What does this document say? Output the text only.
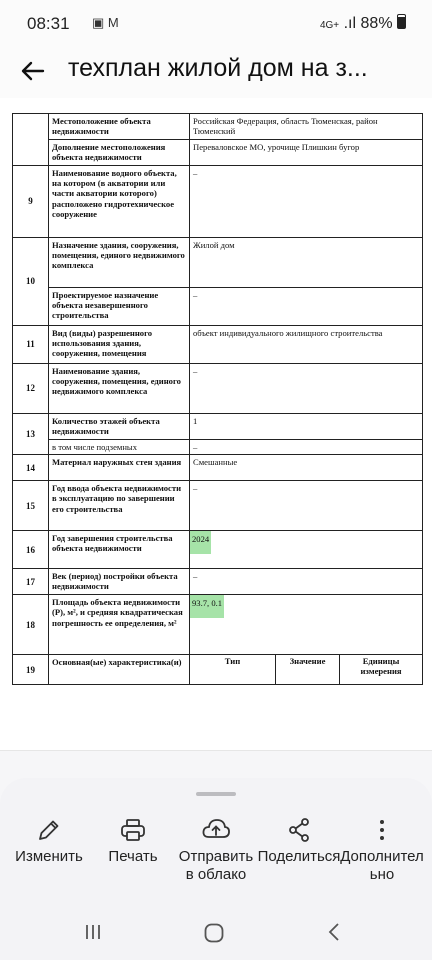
08:31 ▣ M	4G+ .ıl 88%
техплан жилой дом на з...
	Местоположение объекта недвижимости	Российская Федерация, область Тюменская, район Тюменский		
	Дополнение местоположения объекта недвижимости	Переваловское МО, урочище Плишкин бугор		
9	Наименование водного объекта, на котором (в акватории или части акватории которого) расположено гидротехническое сооружение	–		
10	Назначение здания, сооружения, помещения, единого недвижимого комплекса	Жилой дом		
	Проектируемое назначение объекта незавершенного строительства	–		
11	Вид (виды) разрешенного использования здания, сооружения, помещения	объект индивидуального жилищного строительства		
12	Наименование здания, сооружения, помещения, единого недвижимого комплекса	–		
13	Количество этажей объекта недвижимости	1		
	в том числе подземных	–		
14	Материал наружных стен здания	Смешанные		
15	Год ввода объекта недвижимости в эксплуатацию по завершении его строительства	–		
16	Год завершения строительства объекта недвижимости	2024		
17	Век (период) постройки объекта недвижимости	–		
18	Площадь объекта недвижимости (P), м², и средняя квадратическая погрешность ее определения, м²	93.7, 0.1		
19	Основная(ые) характеристика(и)	Тип	Значение	Единицы измерения
Изменить	Печать	Отправить в облако
Поделиться Дополнительно
